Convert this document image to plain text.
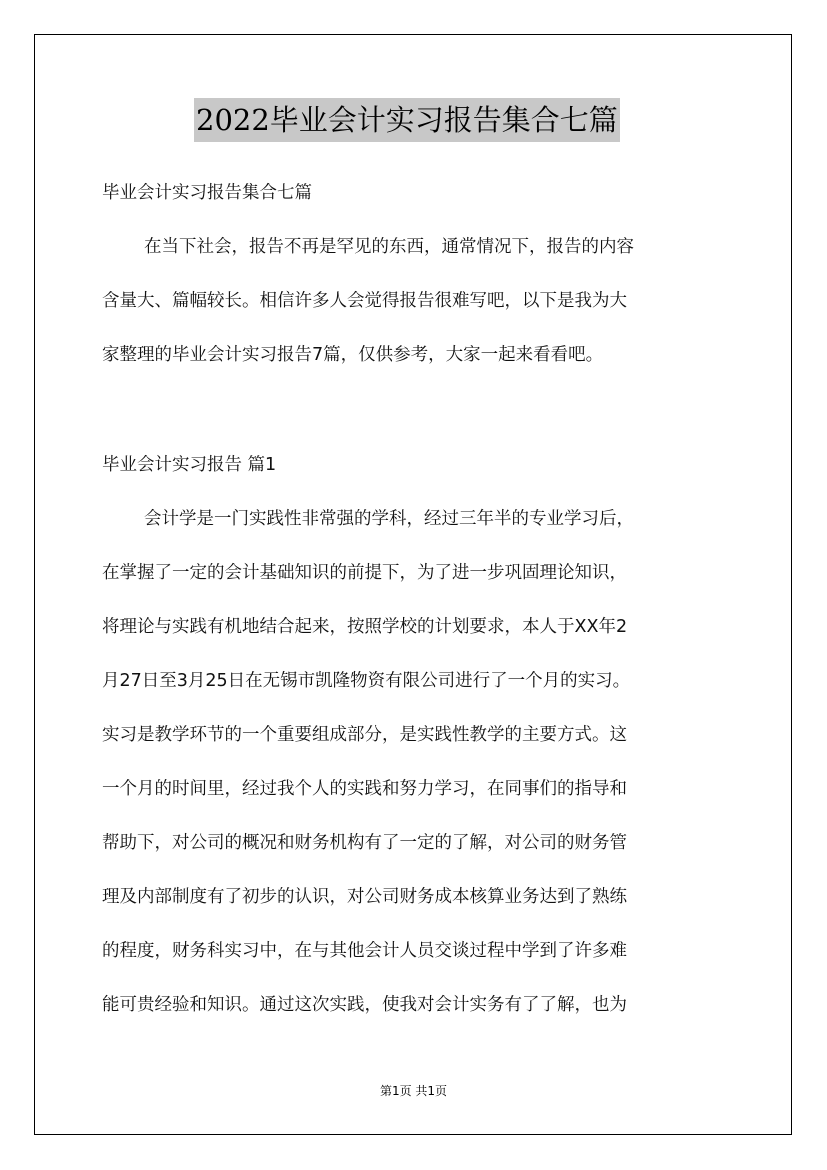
2022毕业会计实习报告集合七篇
毕业会计实习报告集合七篇
在当下社会，报告不再是罕见的东西，通常情况下，报告的内容
含量大、篇幅较长。相信许多人会觉得报告很难写吧，以下是我为大
家整理的毕业会计实习报告7篇，仅供参考，大家一起来看看吧。
毕业会计实习报告 篇1
会计学是一门实践性非常强的学科，经过三年半的专业学习后，
在掌握了一定的会计基础知识的前提下，为了进一步巩固理论知识，
将理论与实践有机地结合起来，按照学校的计划要求，本人于XX年2
月27日至3月25日在无锡市凯隆物资有限公司进行了一个月的实习。
实习是教学环节的一个重要组成部分，是实践性教学的主要方式。这
一个月的时间里，经过我个人的实践和努力学习，在同事们的指导和
帮助下，对公司的概况和财务机构有了一定的了解，对公司的财务管
理及内部制度有了初步的认识，对公司财务成本核算业务达到了熟练
的程度，财务科实习中，在与其他会计人员交谈过程中学到了许多难
能可贵经验和知识。通过这次实践，使我对会计实务有了了解，也为
第1页 共1页
